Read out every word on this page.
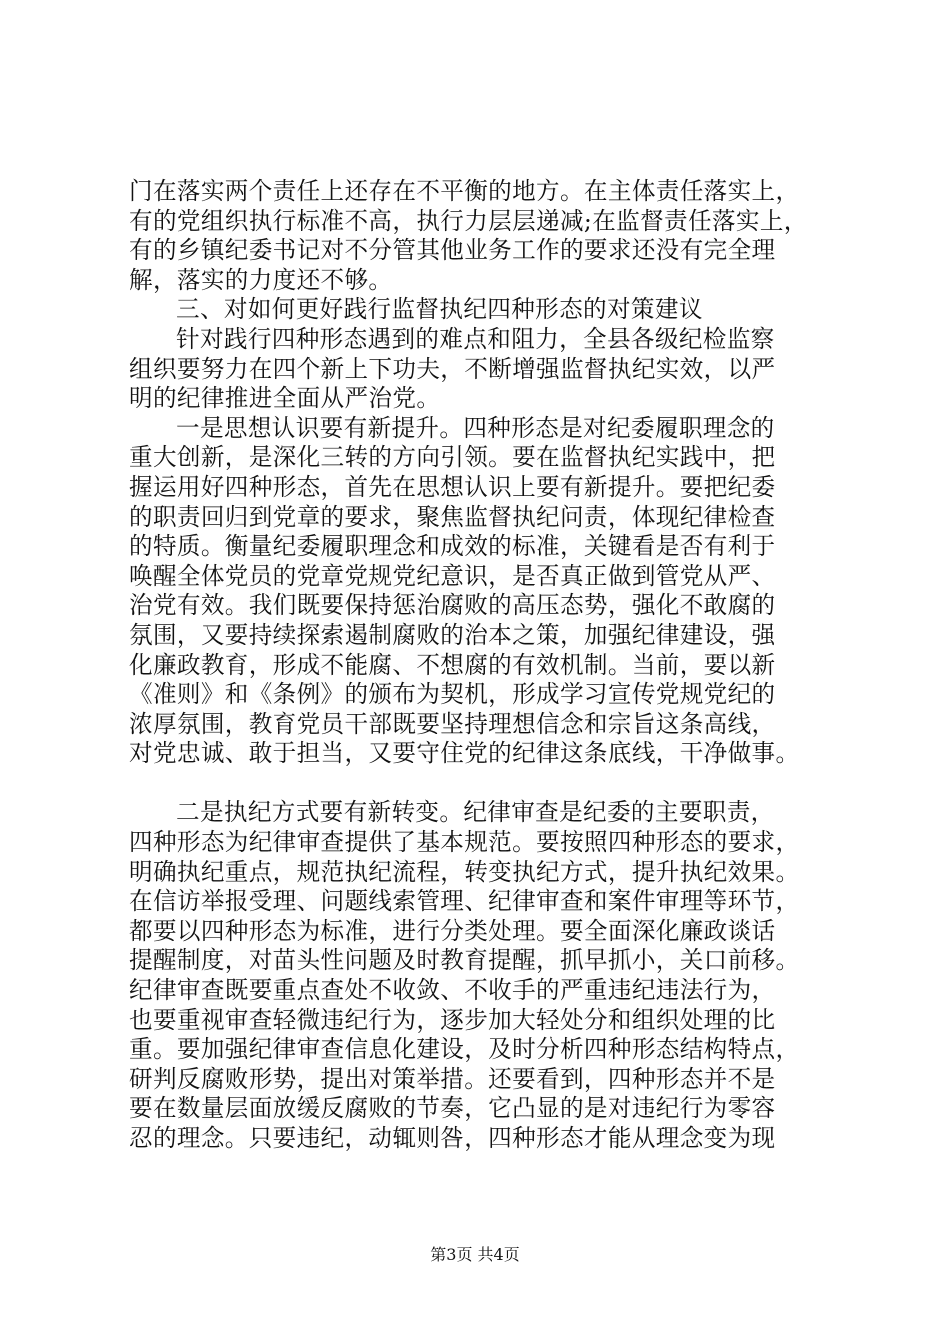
门在落实两个责任上还存在不平衡的地方。在主体责任落实上，
有的党组织执行标准不高，执行力层层递减;在监督责任落实上，
有的乡镇纪委书记对不分管其他业务工作的要求还没有完全理
解，落实的力度还不够。
三、对如何更好践行监督执纪四种形态的对策建议
针对践行四种形态遇到的难点和阻力，全县各级纪检监察
组织要努力在四个新上下功夫，不断增强监督执纪实效，以严
明的纪律推进全面从严治党。
一是思想认识要有新提升。四种形态是对纪委履职理念的
重大创新，是深化三转的方向引领。要在监督执纪实践中，把
握运用好四种形态，首先在思想认识上要有新提升。要把纪委
的职责回归到党章的要求，聚焦监督执纪问责，体现纪律检查
的特质。衡量纪委履职理念和成效的标准，关键看是否有利于
唤醒全体党员的党章党规党纪意识，是否真正做到管党从严、
治党有效。我们既要保持惩治腐败的高压态势，强化不敢腐的
氛围，又要持续探索遏制腐败的治本之策，加强纪律建设，强
化廉政教育，形成不能腐、不想腐的有效机制。当前，要以新
《准则》和《条例》的颁布为契机，形成学习宣传党规党纪的
浓厚氛围，教育党员干部既要坚持理想信念和宗旨这条高线，
对党忠诚、敢于担当，又要守住党的纪律这条底线，干净做事。
二是执纪方式要有新转变。纪律审查是纪委的主要职责，
四种形态为纪律审查提供了基本规范。要按照四种形态的要求，
明确执纪重点，规范执纪流程，转变执纪方式，提升执纪效果。
在信访举报受理、问题线索管理、纪律审查和案件审理等环节，
都要以四种形态为标准，进行分类处理。要全面深化廉政谈话
提醒制度，对苗头性问题及时教育提醒，抓早抓小，关口前移。
纪律审查既要重点查处不收敛、不收手的严重违纪违法行为，
也要重视审查轻微违纪行为，逐步加大轻处分和组织处理的比
重。要加强纪律审查信息化建设，及时分析四种形态结构特点，
研判反腐败形势，提出对策举措。还要看到，四种形态并不是
要在数量层面放缓反腐败的节奏，它凸显的是对违纪行为零容
忍的理念。只要违纪，动辄则咎，四种形态才能从理念变为现
第3页 共4页
